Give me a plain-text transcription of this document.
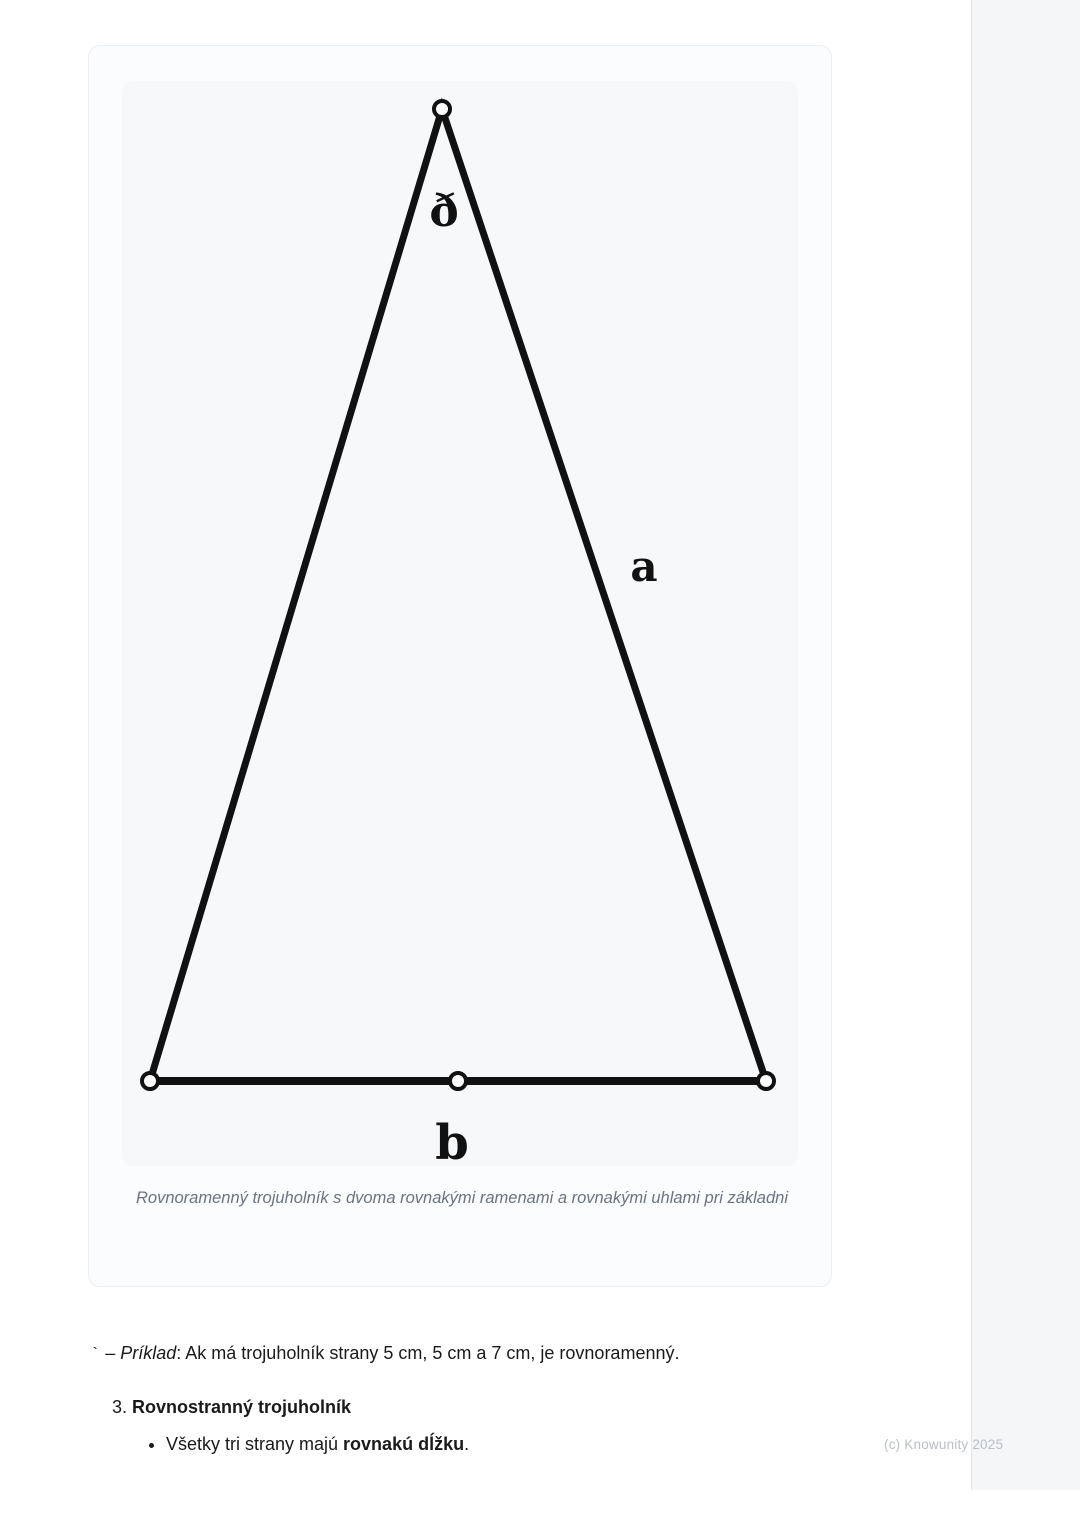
ð
a
b
Rovnoramenný trojuholník s dvoma rovnakými ramenami a rovnakými uhlami pri základni
` – Príklad: Ak má trojuholník strany 5 cm, 5 cm a 7 cm, je rovnoramenný.
3. Rovnostranný trojuholník
• Všetky tri strany majú rovnakú dĺžku.	(c) Knowunity 2025
